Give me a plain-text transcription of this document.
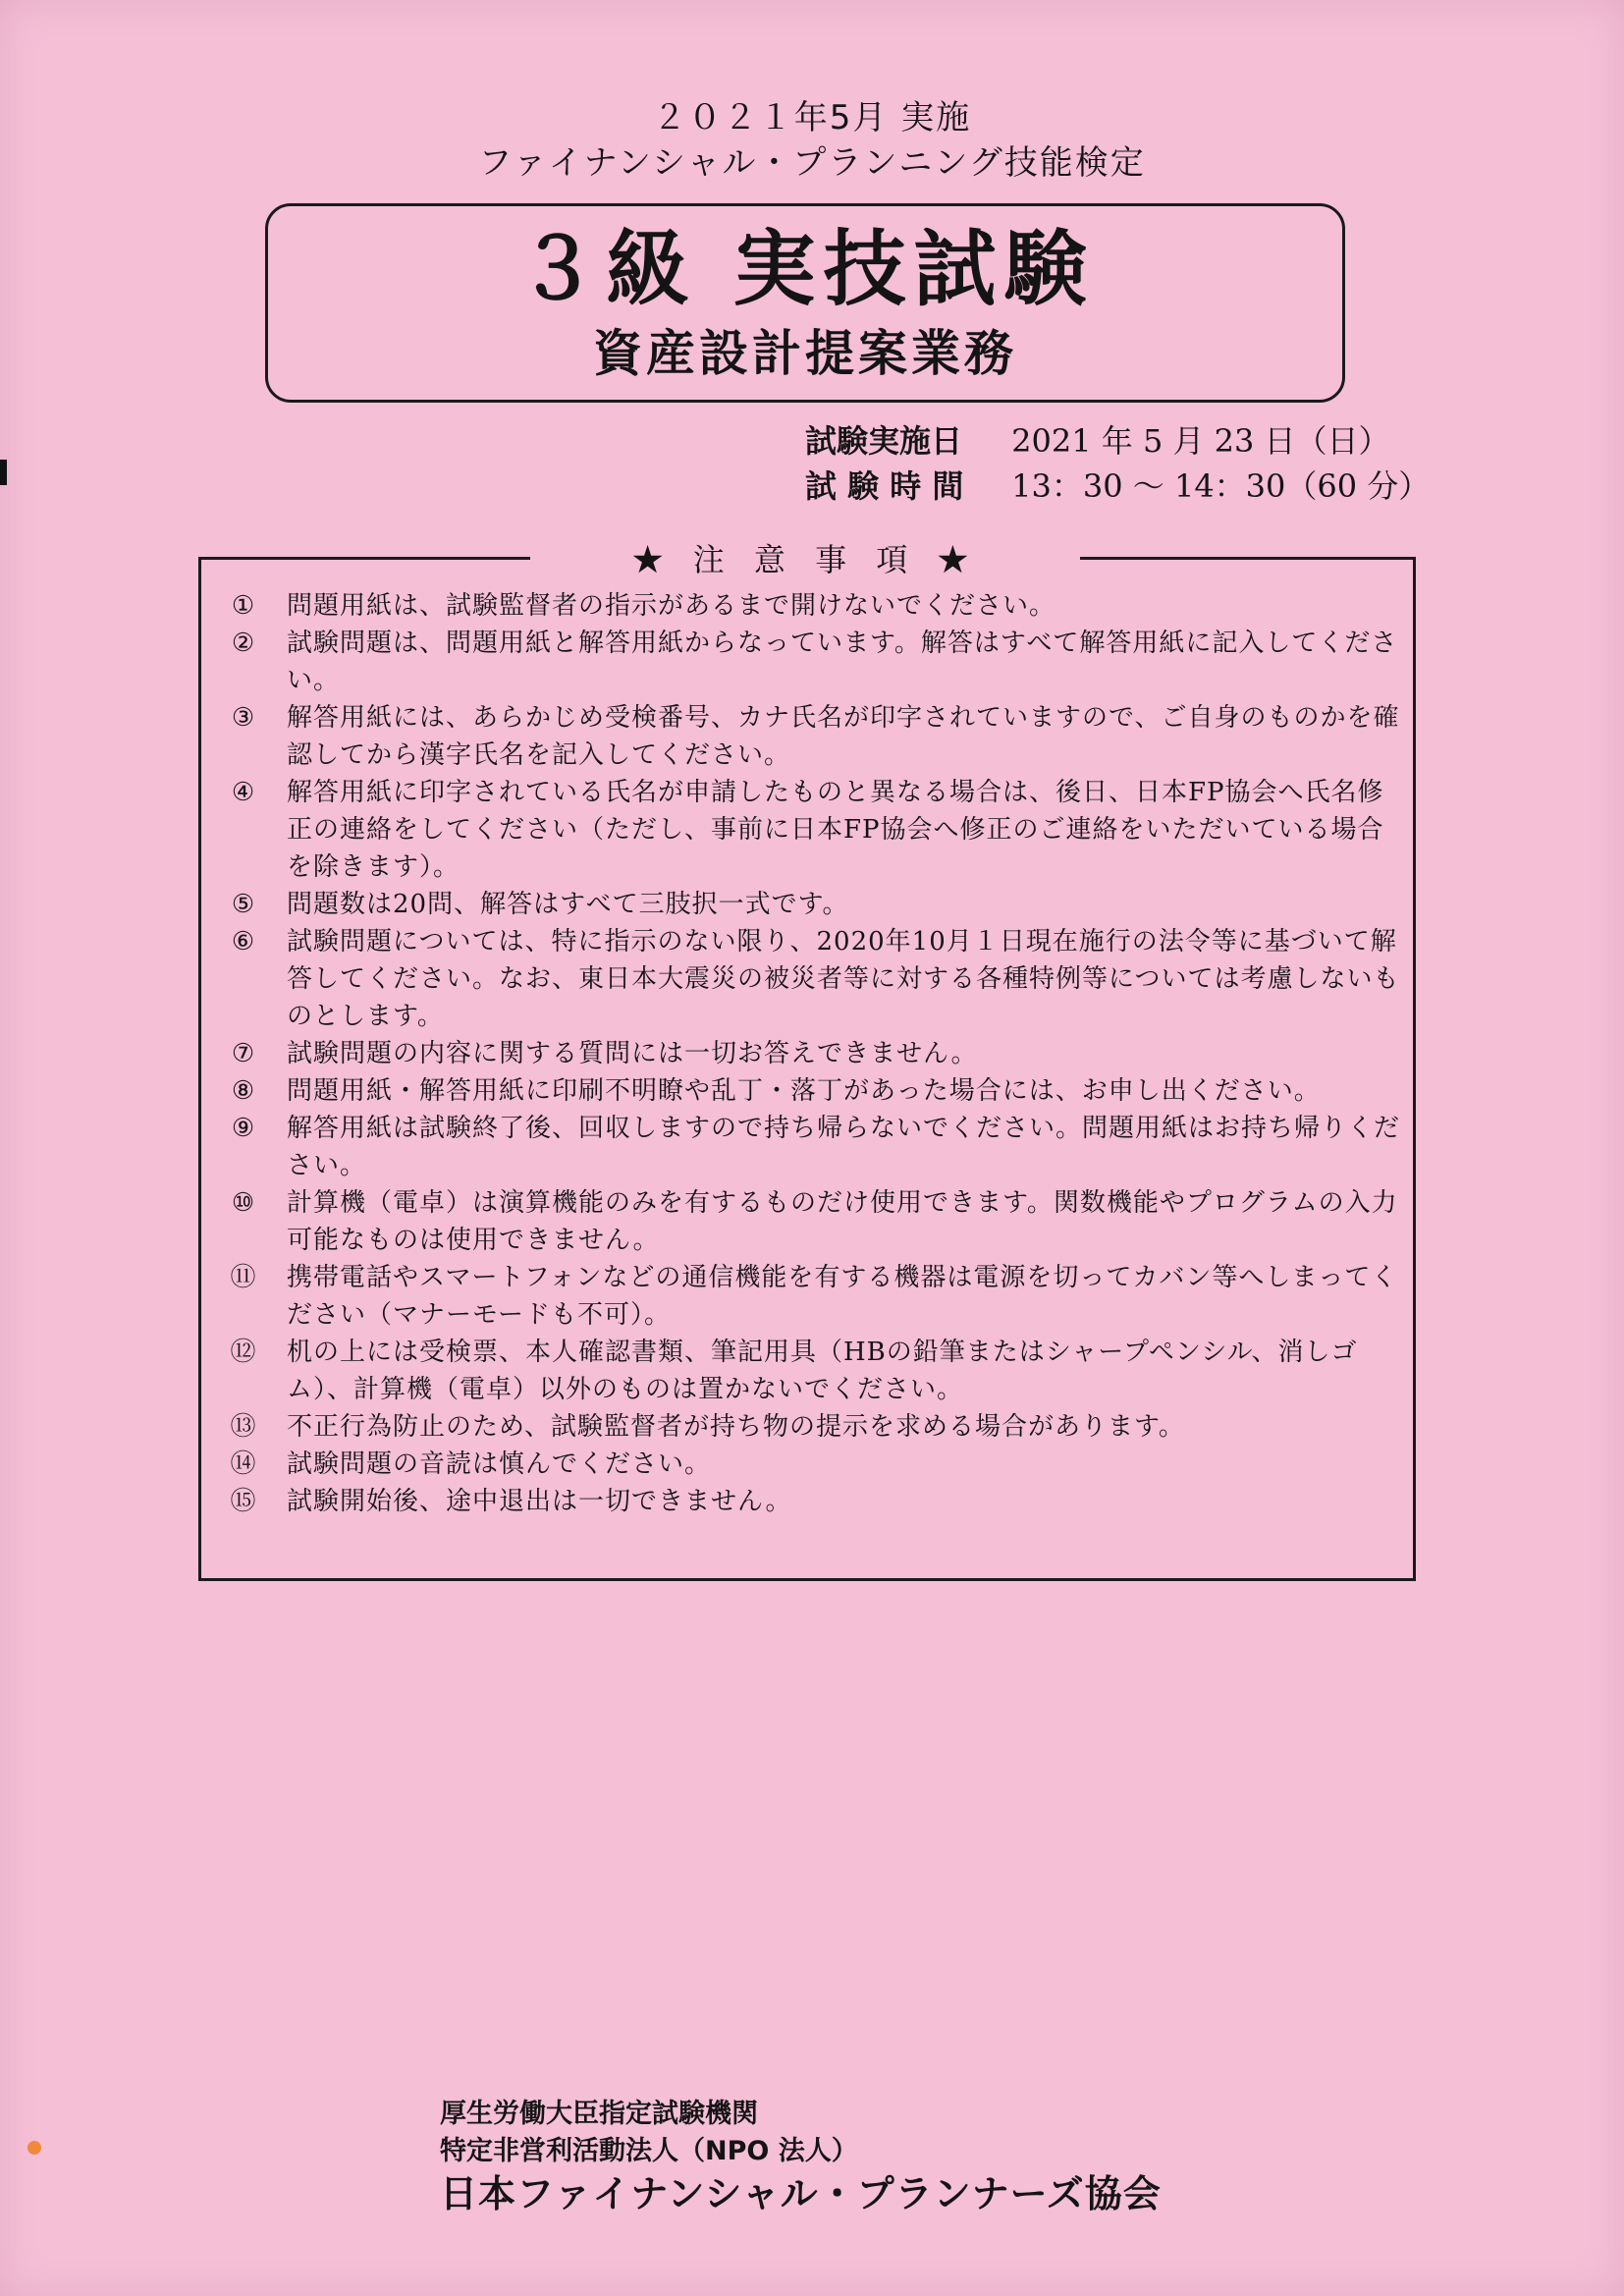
２０２１年5月 実施
ファイナンシャル・プランニング技能検定
３級 実技試験
資産設計提案業務
試験実施日 2021 年 5 月 23 日（日）
試 験 時 間 13：30 ～ 14：30（60 分）
★ 注 意 事 項 ★
①	問題用紙は、試験監督者の指示があるまで開けないでください。
②	試験問題は、問題用紙と解答用紙からなっています。解答はすべて解答用紙に記入してください。
③	解答用紙には、あらかじめ受検番号、カナ氏名が印字されていますので、ご自身のものかを確認してから漢字氏名を記入してください。
④	解答用紙に印字されている氏名が申請したものと異なる場合は、後日、日本FP協会へ氏名修正の連絡をしてください（ただし、事前に日本FP協会へ修正のご連絡をいただいている場合を除きます）。
⑤	問題数は20問、解答はすべて三肢択一式です。
⑥	試験問題については、特に指示のない限り、2020年10月１日現在施行の法令等に基づいて解答してください。なお、東日本大震災の被災者等に対する各種特例等については考慮しないものとします。
⑦	試験問題の内容に関する質問には一切お答えできません。
⑧	問題用紙・解答用紙に印刷不明瞭や乱丁・落丁があった場合には、お申し出ください。
⑨	解答用紙は試験終了後、回収しますので持ち帰らないでください。問題用紙はお持ち帰りください。
⑩	計算機（電卓）は演算機能のみを有するものだけ使用できます。関数機能やプログラムの入力可能なものは使用できません。
⑪ 携帯電話やスマートフォンなどの通信機能を有する機器は電源を切ってカバン等へしまってください（マナーモードも不可）。
⑫ 机の上には受検票、本人確認書類、筆記用具（HBの鉛筆またはシャープペンシル、消しゴム）、計算機（電卓）以外のものは置かないでください。
⑬ 不正行為防止のため、試験監督者が持ち物の提示を求める場合があります。
⑭ 試験問題の音読は慎んでください。
⑮ 試験開始後、途中退出は一切できません。
厚生労働大臣指定試験機関
特定非営利活動法人（NPO 法人）
日本ファイナンシャル・プランナーズ協会
